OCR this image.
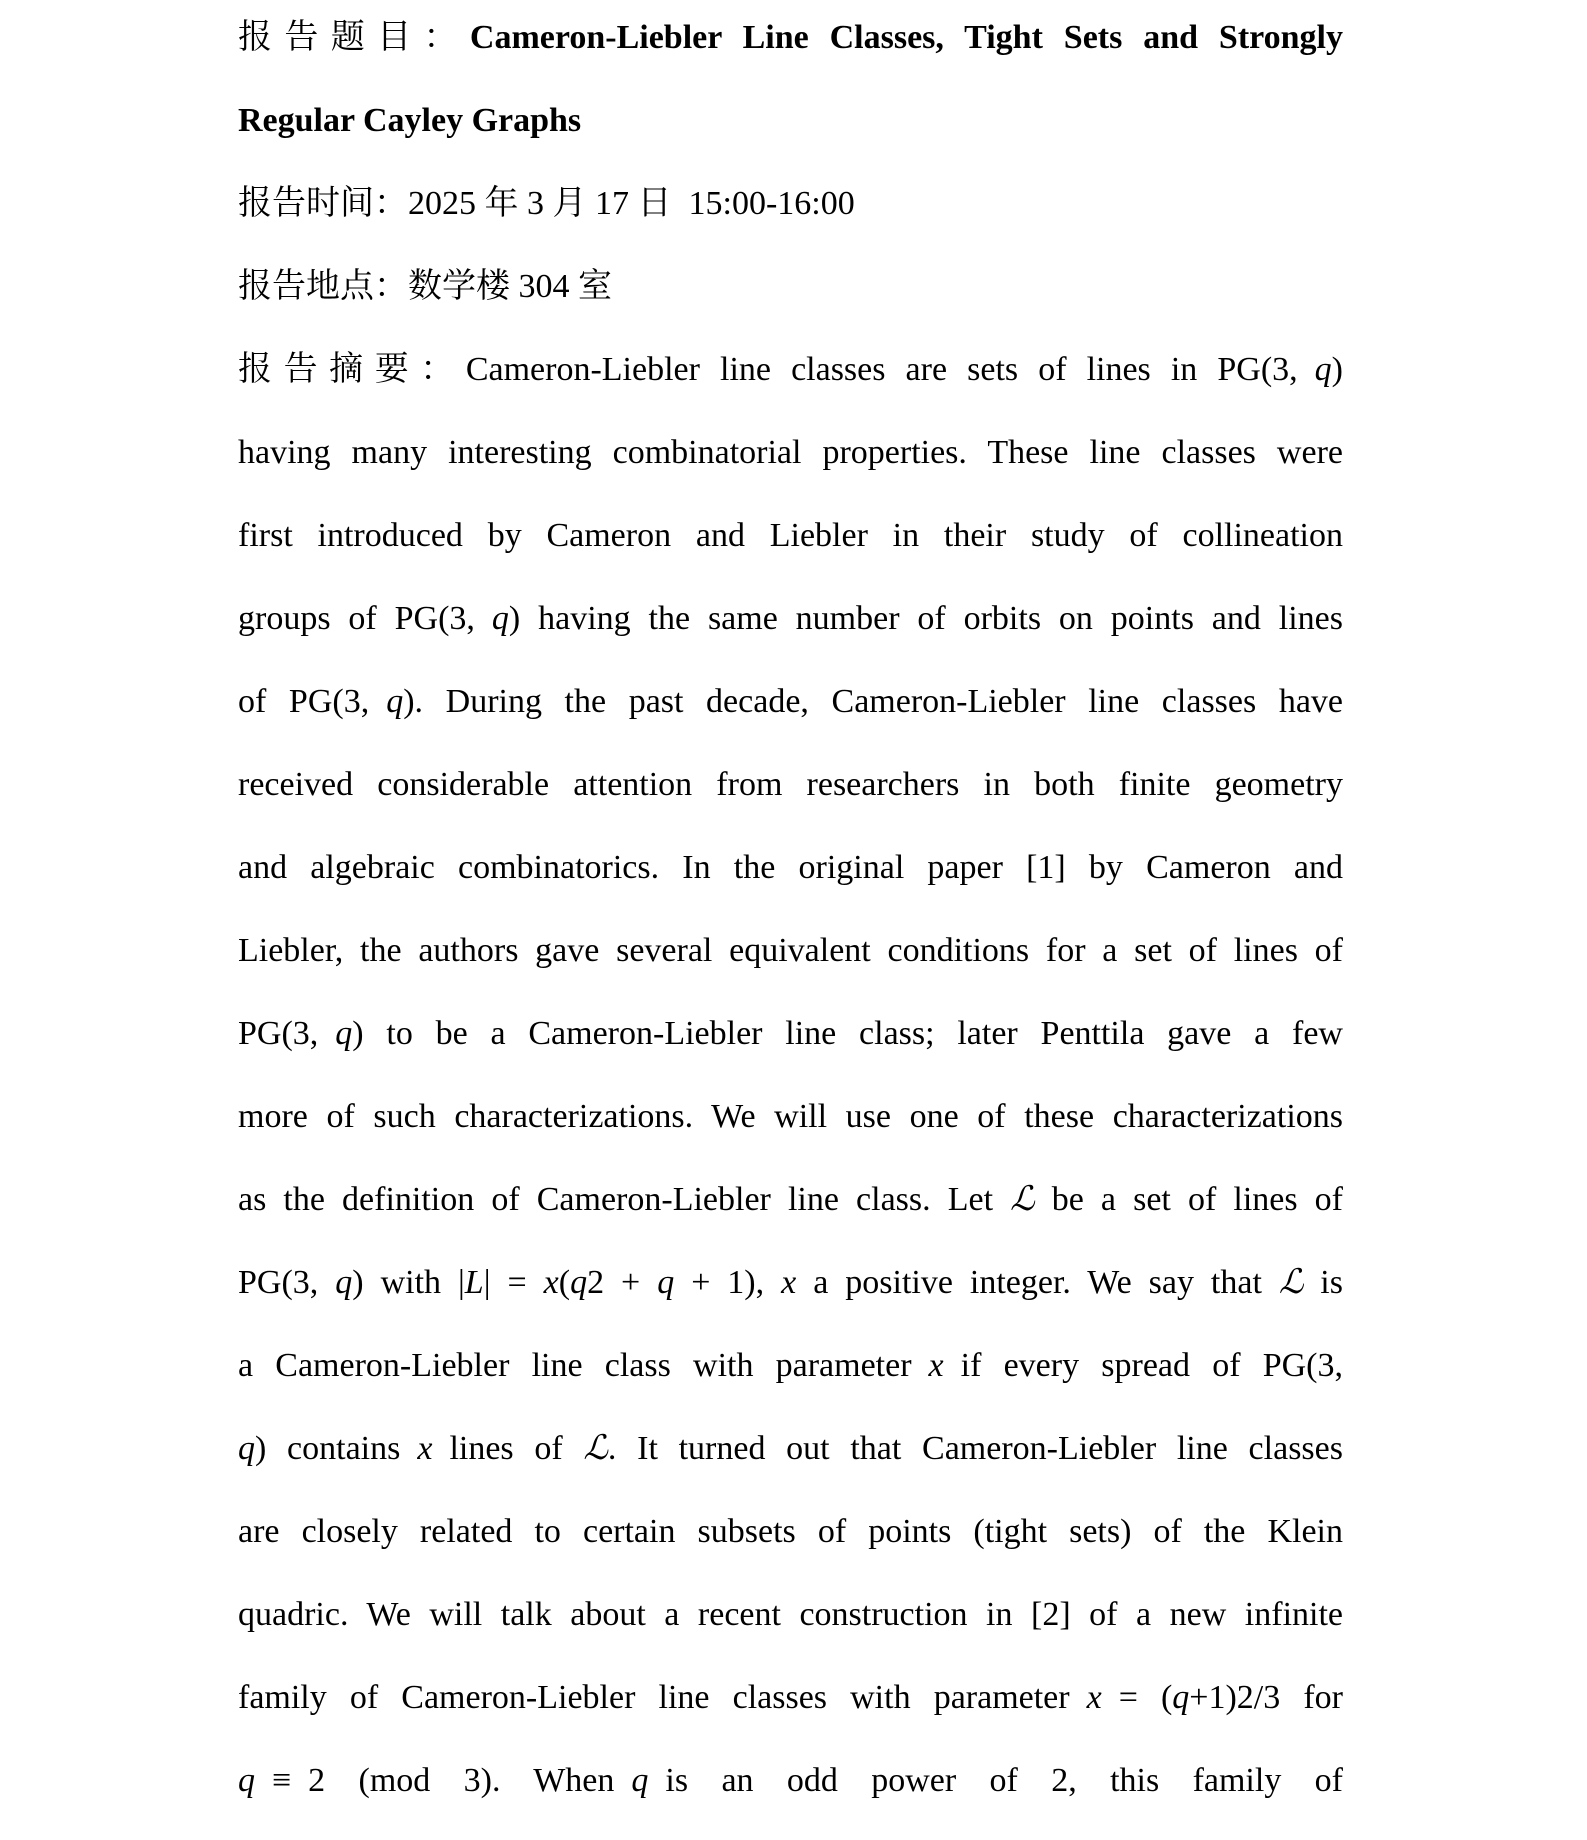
报告题目：Cameron-Liebler Line Classes, Tight Sets and Strongly
Regular Cayley Graphs
报告时间：2025 年 3 月 17 日 15:00-16:00
报告地点：数学楼 304 室
报告摘要：Cameron-Liebler line classes are sets of lines in PG(3, q)
having many interesting combinatorial properties. These line classes were
first introduced by Cameron and Liebler in their study of collineation
groups of PG(3, q) having the same number of orbits on points and lines
of PG(3, q). During the past decade, Cameron-Liebler line classes have
received considerable attention from researchers in both finite geometry
and algebraic combinatorics. In the original paper [1] by Cameron and
Liebler, the authors gave several equivalent conditions for a set of lines of
PG(3, q) to be a Cameron-Liebler line class; later Penttila gave a few
more of such characterizations. We will use one of these characterizations
as the definition of Cameron-Liebler line class. Let ℒ be a set of lines of
PG(3, q) with |L| = x(q2 + q + 1), x a positive integer. We say that ℒ is
a Cameron-Liebler line class with parameter x if every spread of PG(3,
q) contains x lines of ℒ. It turned out that Cameron-Liebler line classes
are closely related to certain subsets of points (tight sets) of the Klein
quadric. We will talk about a recent construction in [2] of a new infinite
family of Cameron-Liebler line classes with parameter x = (q+1)2/3 for
q ≡ 2 (mod 3). When q is an odd power of 2, this family of
